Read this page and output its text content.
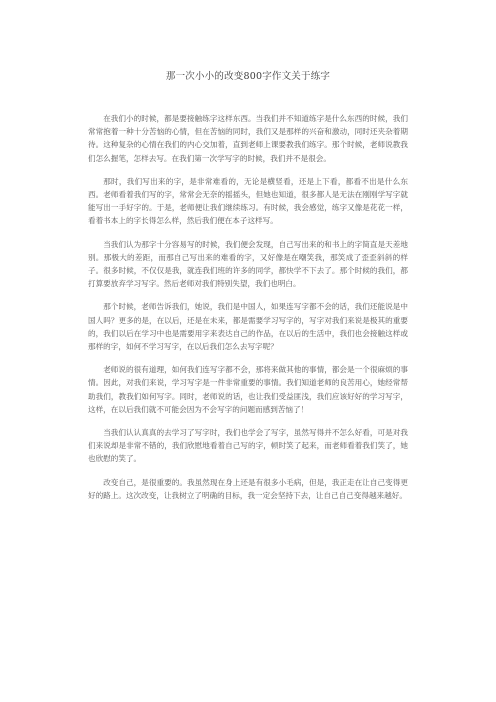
那一次小小的改变800字作文关于练字

在我们小的时候，都是要接触练字这样东西。当我们并不知道练字是什么东西的时候，我们常常抱着一种十分苦恼的心情，但在苦恼的同时，我们又是那样的兴奋和激动，同时还夹杂着期待。这种复杂的心情在我们的内心交加着，直到老师上课要教我们练字。那个时候，老师说教我们怎么握笔，怎样去写。在我们第一次学写字的时候，我们并不是很会。

那时，我们写出来的字，是非常难看的，无论是横竖看，还是上下看，都看不出是什么东西。老师看着我们写的字，常常会无奈的摇摇头，但她也知道，很多都人是无法在刚刚学写字就能写出一手好字的。于是，老师便让我们继续练习。有时候，我会感觉，练字又像是花花一样，看着书本上的字长得怎么样，然后我们便在本子这样写。

当我们认为那字十分容易写的时候，我们便会发现，自己写出来的和书上的字简直是天差地别。那极大的差距，而那自己写出来的难看的字，又好像是在嘲笑我，那笑成了歪歪斜斜的样子。很多时候，不仅仅是我，就连我们班的许多的同学，都快学不下去了。那个时候的我们，都打算要放弃学习写字。然后老师对我们特别失望，我们也明白。

那个时候，老师告诉我们，她说，我们是中国人，如果连写字都不会的话，我们还能说是中国人吗？更多的是，在以后，还是在未来，都是需要学习写字的，写字对我们来说是极其的重要的，我们以后在学习中也是需要用字来表达自己的作品，在以后的生活中，我们也会接触这样或那样的字，如何不学习写字，在以后我们怎么去写字呢？

老师说的很有道理，如何我们连写字都不会，那将来做其他的事情，都会是一个很麻烦的事情。因此，对我们来说，学习写字是一件非常重要的事情。我们知道老师的良苦用心，她经常帮助我们，教我们如何写字。同时，老师说的话，也让我们受益匪浅，我们应该好好的学习写字，这样，在以后我们就不可能会因为不会写字的问题而感到苦恼了！

当我们认认真真的去学习了写字时，我们也学会了写字，虽然写得并不怎么好看，可是对我们来说却是非常不错的，我们欣慰地看着自己写的字，顿时笑了起来，而老师看着我们笑了，她也欣慰的笑了。

改变自己，是很重要的。我虽然现在身上还是有很多小毛病，但是，我正走在让自己变得更好的路上。这次改变，让我树立了明确的目标，我一定会坚持下去，让自己自己变得越来越好。
